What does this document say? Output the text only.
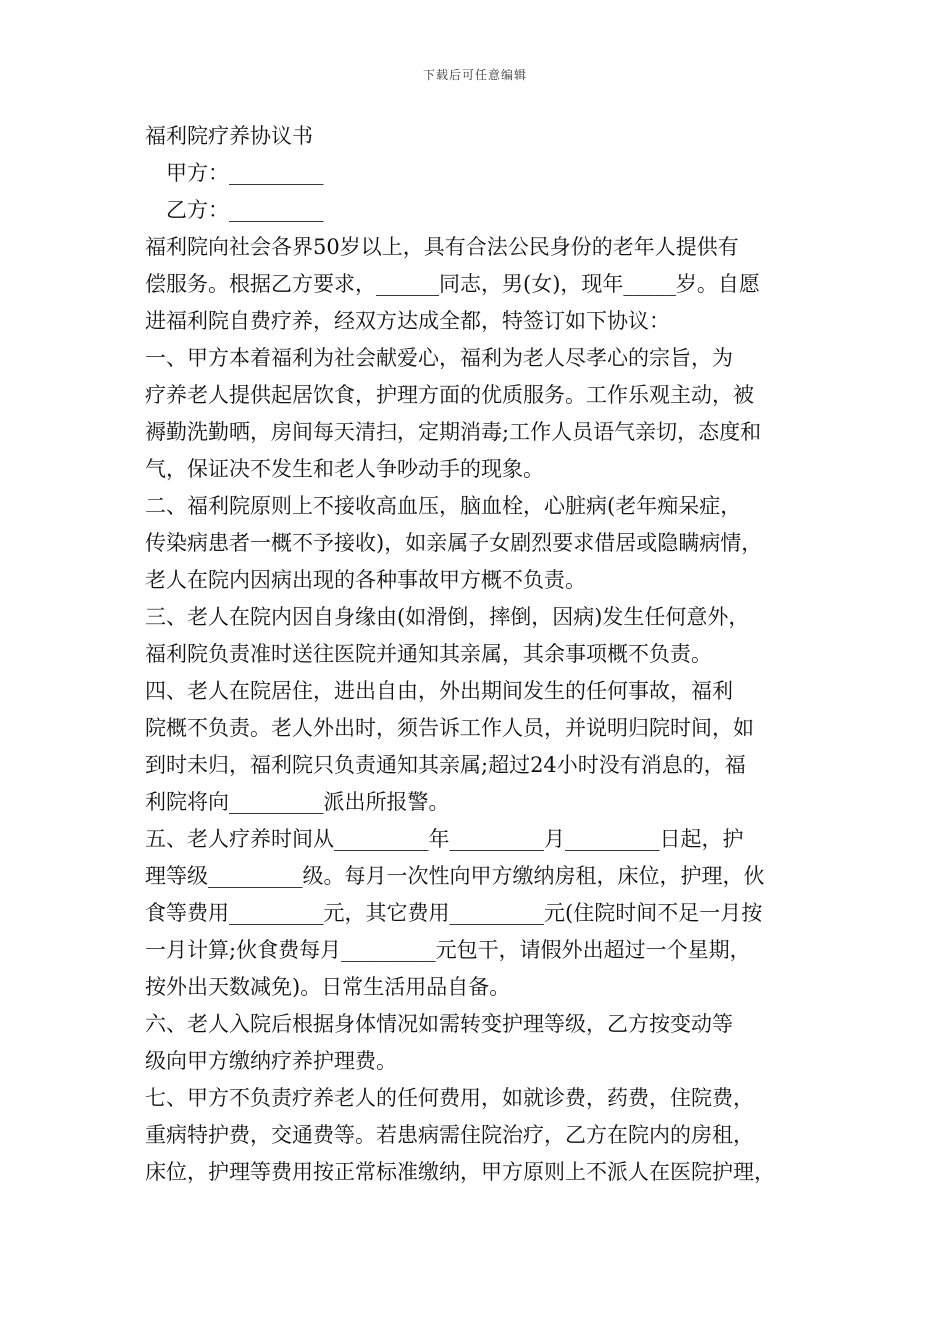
下载后可任意编辑
福利院疗养协议书
甲方：_________
乙方：_________
福利院向社会各界50岁以上，具有合法公民身份的老年人提供有
偿服务。根据乙方要求，______同志，男(女)，现年_____岁。自愿
进福利院自费疗养，经双方达成全都，特签订如下协议：
一、甲方本着福利为社会献爱心，福利为老人尽孝心的宗旨，为
疗养老人提供起居饮食，护理方面的优质服务。工作乐观主动，被
褥勤洗勤晒，房间每天清扫，定期消毒;工作人员语气亲切，态度和
气，保证决不发生和老人争吵动手的现象。
二、福利院原则上不接收高血压，脑血栓，心脏病(老年痴呆症，
传染病患者一概不予接收)，如亲属子女剧烈要求借居或隐瞒病情，
老人在院内因病出现的各种事故甲方概不负责。
三、老人在院内因自身缘由(如滑倒，摔倒，因病)发生任何意外，
福利院负责准时送往医院并通知其亲属，其余事项概不负责。
四、老人在院居住，进出自由，外出期间发生的任何事故，福利
院概不负责。老人外出时，须告诉工作人员，并说明归院时间，如
到时未归，福利院只负责通知其亲属;超过24小时没有消息的，福
利院将向_________派出所报警。
五、老人疗养时间从_________年_________月_________日起，护
理等级_________级。每月一次性向甲方缴纳房租，床位，护理，伙
食等费用_________元，其它费用_________元(住院时间不足一月按
一月计算;伙食费每月_________元包干，请假外出超过一个星期，
按外出天数减免)。日常生活用品自备。
六、老人入院后根据身体情况如需转变护理等级，乙方按变动等
级向甲方缴纳疗养护理费。
七、甲方不负责疗养老人的任何费用，如就诊费，药费，住院费，
重病特护费，交通费等。若患病需住院治疗，乙方在院内的房租，
床位，护理等费用按正常标准缴纳，甲方原则上不派人在医院护理，
